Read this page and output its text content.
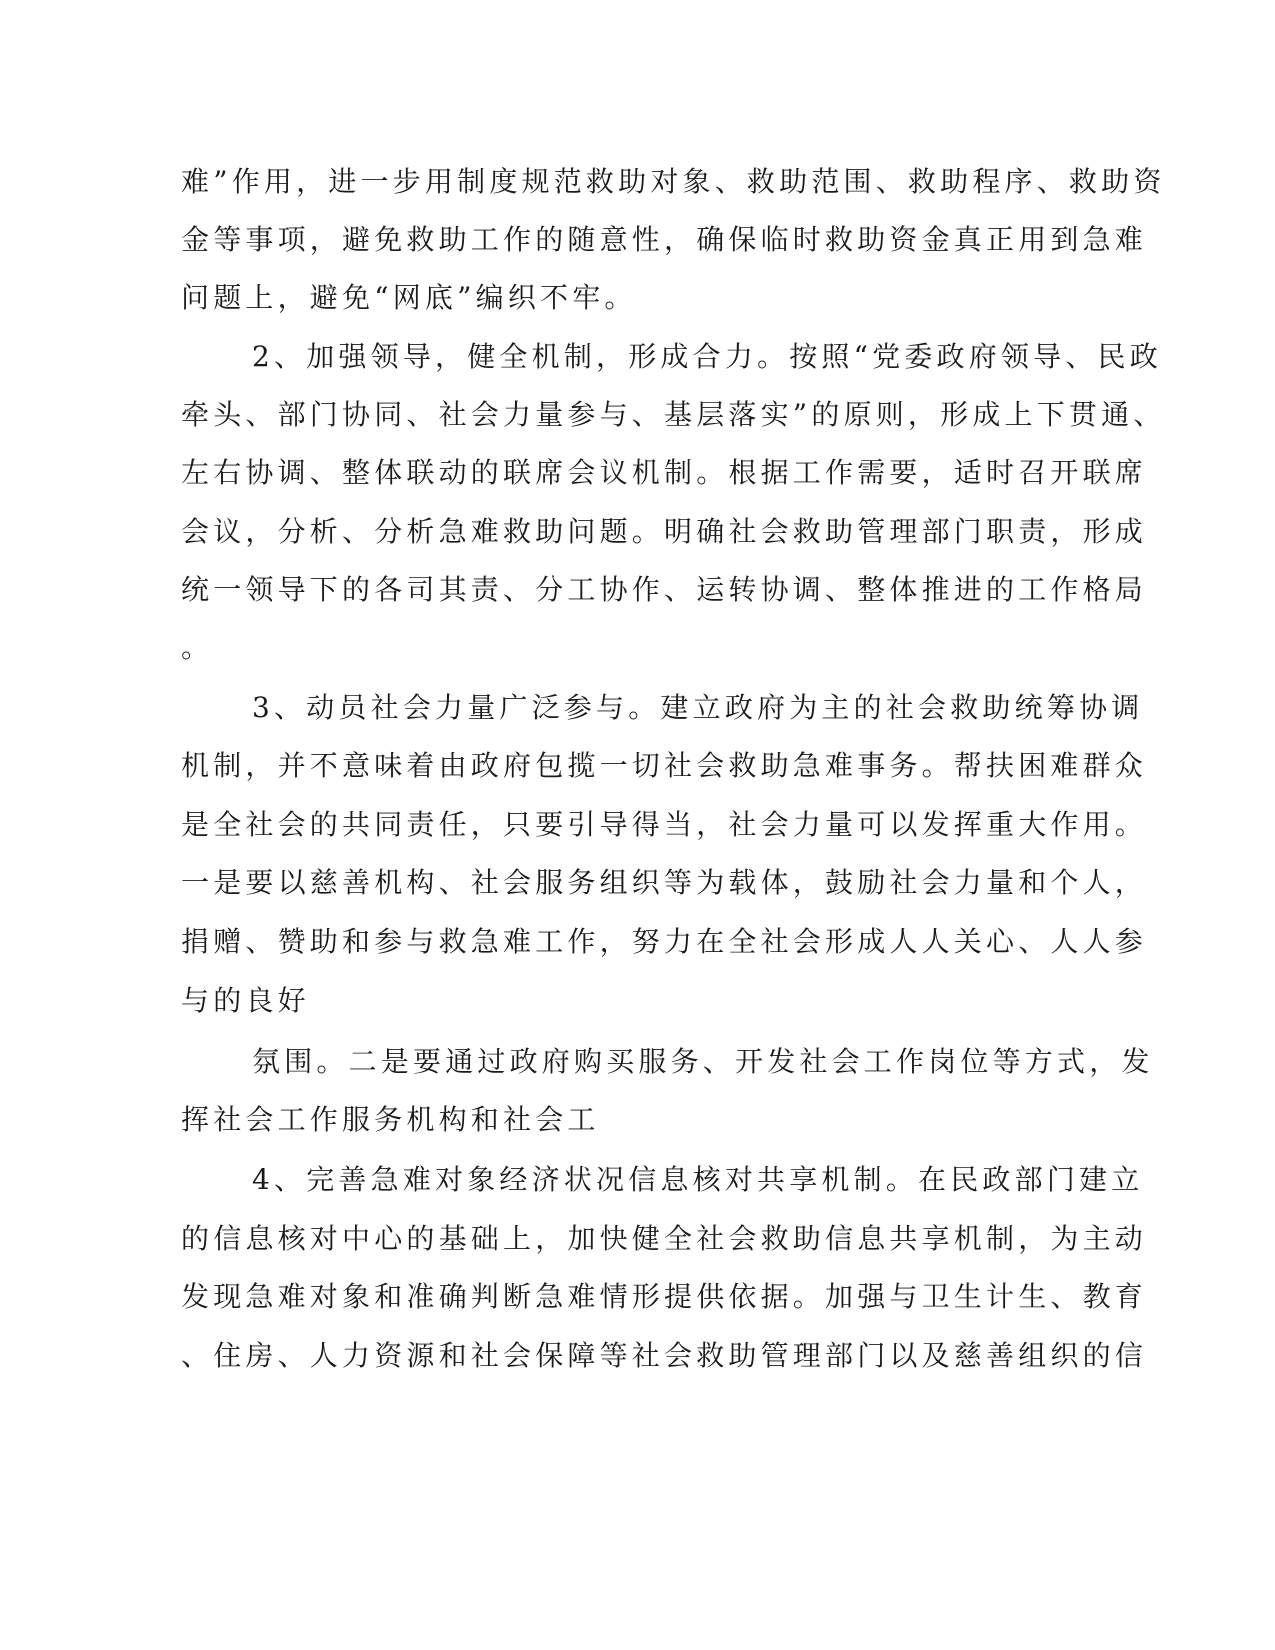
难”作用，进一步用制度规范救助对象、救助范围、救助程序、救助资
金等事项，避免救助工作的随意性，确保临时救助资金真正用到急难
问题上，避免“网底”编织不牢。
2、加强领导，健全机制，形成合力。按照“党委政府领导、民政
牵头、部门协同、社会力量参与、基层落实”的原则，形成上下贯通、
左右协调、整体联动的联席会议机制。根据工作需要，适时召开联席
会议，分析、分析急难救助问题。明确社会救助管理部门职责，形成
统一领导下的各司其责、分工协作、运转协调、整体推进的工作格局
。
3、动员社会力量广泛参与。建立政府为主的社会救助统筹协调
机制，并不意味着由政府包揽一切社会救助急难事务。帮扶困难群众
是全社会的共同责任，只要引导得当，社会力量可以发挥重大作用。
一是要以慈善机构、社会服务组织等为载体，鼓励社会力量和个人，
捐赠、赞助和参与救急难工作，努力在全社会形成人人关心、人人参
与的良好
氛围。二是要通过政府购买服务、开发社会工作岗位等方式，发
挥社会工作服务机构和社会工
4、完善急难对象经济状况信息核对共享机制。在民政部门建立
的信息核对中心的基础上，加快健全社会救助信息共享机制，为主动
发现急难对象和准确判断急难情形提供依据。加强与卫生计生、教育
、住房、人力资源和社会保障等社会救助管理部门以及慈善组织的信
